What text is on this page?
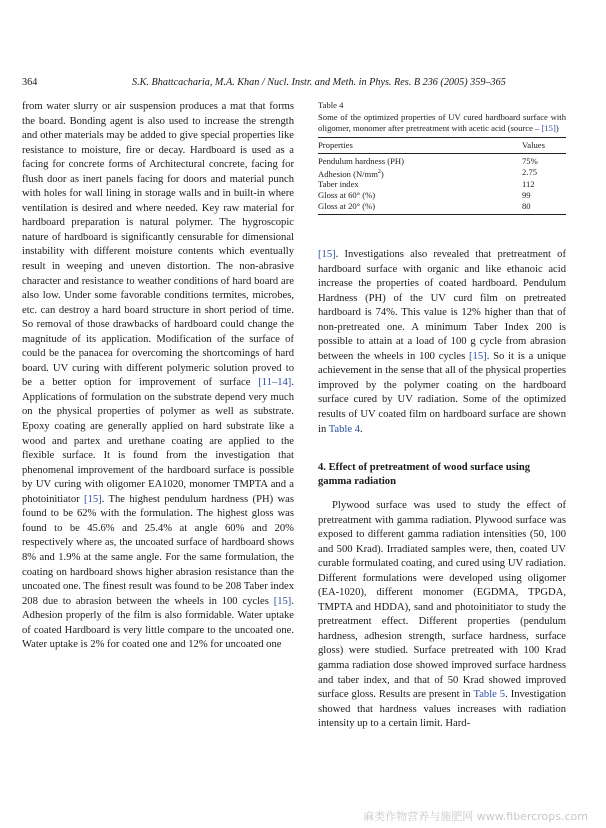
364	S.K. Bhattcacharia, M.A. Khan / Nucl. Instr. and Meth. in Phys. Res. B 236 (2005) 359–365

from water slurry or air suspension produces a mat that forms the board. Bonding agent is also used to increase the strength and other materials may be added to give special properties like resistance to moisture, fire or decay. Hardboard is used as a facing for concrete forms of Architectural concrete, facing for flush door as inert panels facing for doors and material punch with holes for wall lining in storage walls and in built-in where ventilation is desired and where needed. Key raw material for hardboard preparation is natural polymer. The hygroscopic nature of hardboard is significantly censurable for dimensional instability with different moisture contents which eventually result in weeping and uneven distortion. The non-abrasive character and resistance to weather conditions of hard board are also low. Under some favorable conditions termites, microbes, etc. can destroy a hard board structure in short period of time. So removal of those drawbacks of hardboard could change the magnitude of its application. Modification of the surface of could be the panacea for overcoming the shortcomings of hard board. UV curing with different polymeric solution proved to be a better option for improvement of surface [11–14]. Applications of formulation on the substrate depend very much on the physical properties of polymer as well as substrate. Epoxy coating are generally applied on hard substrate like a wood and partex and urethane coating are applied to the flexible surface. It is found from the investigation that phenomenal improvement of the hardboard surface is possible by UV curing with oligomer EA1020, monomer TMPTA and a photoinitiator [15]. The highest pendulum hardness (PH) was found to be 62% with the formulation. The highest gloss was found to be 45.6% and 25.4% at angle 60% and 20% respectively where as, the uncoated surface of hardboard shows 8% and 1.9% at the same angle. For the same formulation, the coating on hardboard shows higher abrasion resistance than the uncoated one. The finest result was found to be 208 Taber index 208 due to abrasion between the wheels in 100 cycles [15]. Adhesion properly of the film is also formidable. Water uptake of coated Hardboard is very little compare to the uncoated one. Water uptake is 2% for coated one and 12% for uncoated one

Table 4
Some of the optimized properties of UV cured hardboard surface with oligomer, monomer after pretreatment with acetic acid (source – [15])
Properties	Values
Pendulum hardness (PH)	75%
Adhesion $(N/mm^2)$	2.75
Taber index	112
Gloss at 60° (%)	99
Gloss at 20° (%)	80

[15]. Investigations also revealed that pretreatment of hardboard surface with organic and like ethanoic acid increase the properties of coated hardboard. Pendulum Hardness (PH) of the UV curd film on pretreated hardboard is 74%. This value is 12% higher than that of non-pretreated one. A minimum Taber Index 200 is possible to attain at a load of 100 g cycle from abrasion between the wheels in 100 cycles [15]. So it is a unique achievement in the sense that all of the physical properties improved by the polymer coating on the hardboard surface cured by UV radiation. Some of the optimized results of UV coated film on hardboard surface are shown in Table 4.

4. Effect of pretreatment of wood surface using gamma radiation

Plywood surface was used to study the effect of pretreatment with gamma radiation. Plywood surface was exposed to different gamma radiation intensities (50, 100 and 500 Krad). Irradiated samples were, then, coated UV curable formulated coating, and cured using UV radiation. Different formulations were developed using oligomer (EA-1020), different monomer (EGDMA, TPGDA, TMPTA and HDDA), sand and photoinitiator to study the pretreatment effect. Different properties (pendulum hardness, adhesion strength, surface hardness, surface gloss) were studied. Surface pretreated with 100 Krad gamma radiation dose showed improved surface hardness and taber index, and that of 50 Krad showed improved surface gloss. Results are present in Table 5. Investigation showed that hardness values increases with radiation intensity up to a certain limit. Hard-

麻类作物营养与施肥网 www.fibercrops.com
